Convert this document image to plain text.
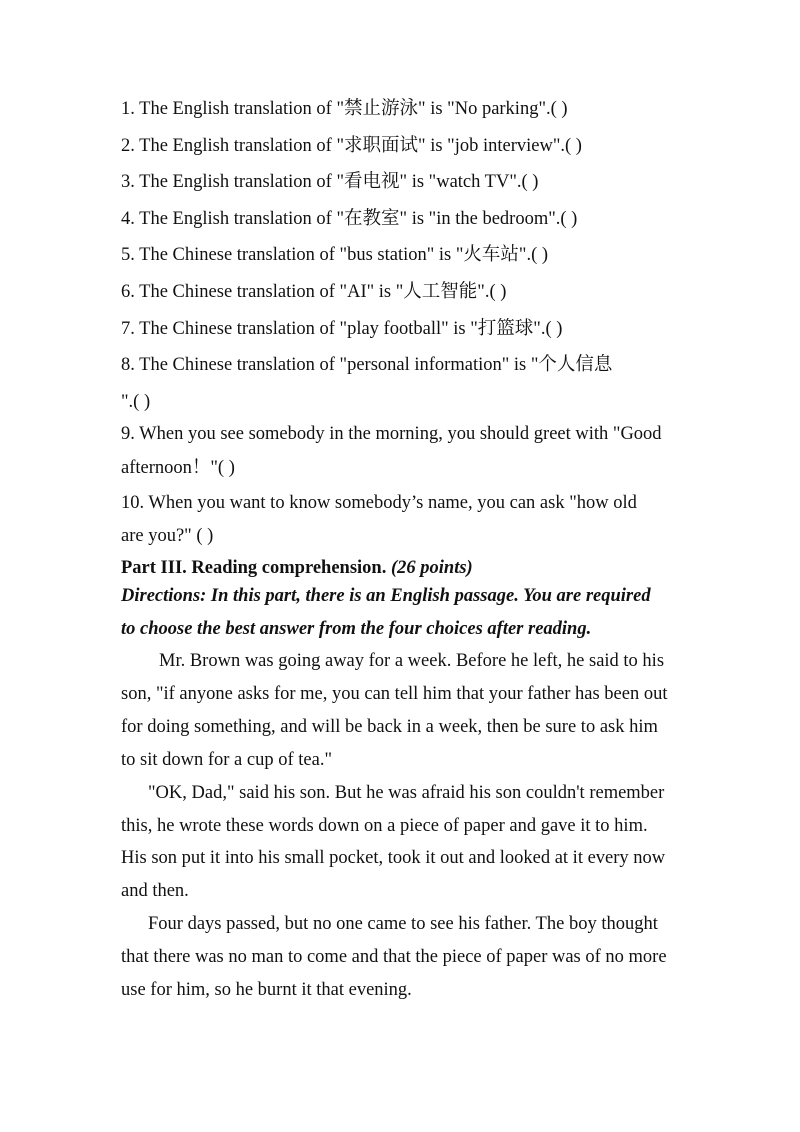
1. The English translation of "禁止游泳" is "No parking".( )
2. The English translation of "求职面试" is "job interview".( )
3. The English translation of "看电视" is "watch TV".( )
4. The English translation of "在教室" is "in the bedroom".( )
5. The Chinese translation of "bus station" is "火车站".( )
6. The Chinese translation of "AI" is "人工智能".( )
7. The Chinese translation of "play football" is "打篮球".( )
8. The Chinese translation of "personal information" is "个人信息
".( )
9. When you see somebody in the morning, you should greet with "Good
afternoon！"( )
10. When you want to know somebody’s name, you can ask "how old
are you?" ( )
Part III. Reading comprehension. (26 points)
Directions: In this part, there is an English passage. You are required
to choose the best answer from the four choices after reading.
Mr. Brown was going away for a week. Before he left, he said to his
son, "if anyone asks for me, you can tell him that your father has been out
for doing something, and will be back in a week, then be sure to ask him
to sit down for a cup of tea."
"OK, Dad," said his son. But he was afraid his son couldn't remember
this, he wrote these words down on a piece of paper and gave it to him.
His son put it into his small pocket, took it out and looked at it every now
and then.
Four days passed, but no one came to see his father. The boy thought
that there was no man to come and that the piece of paper was of no more
use for him, so he burnt it that evening.
